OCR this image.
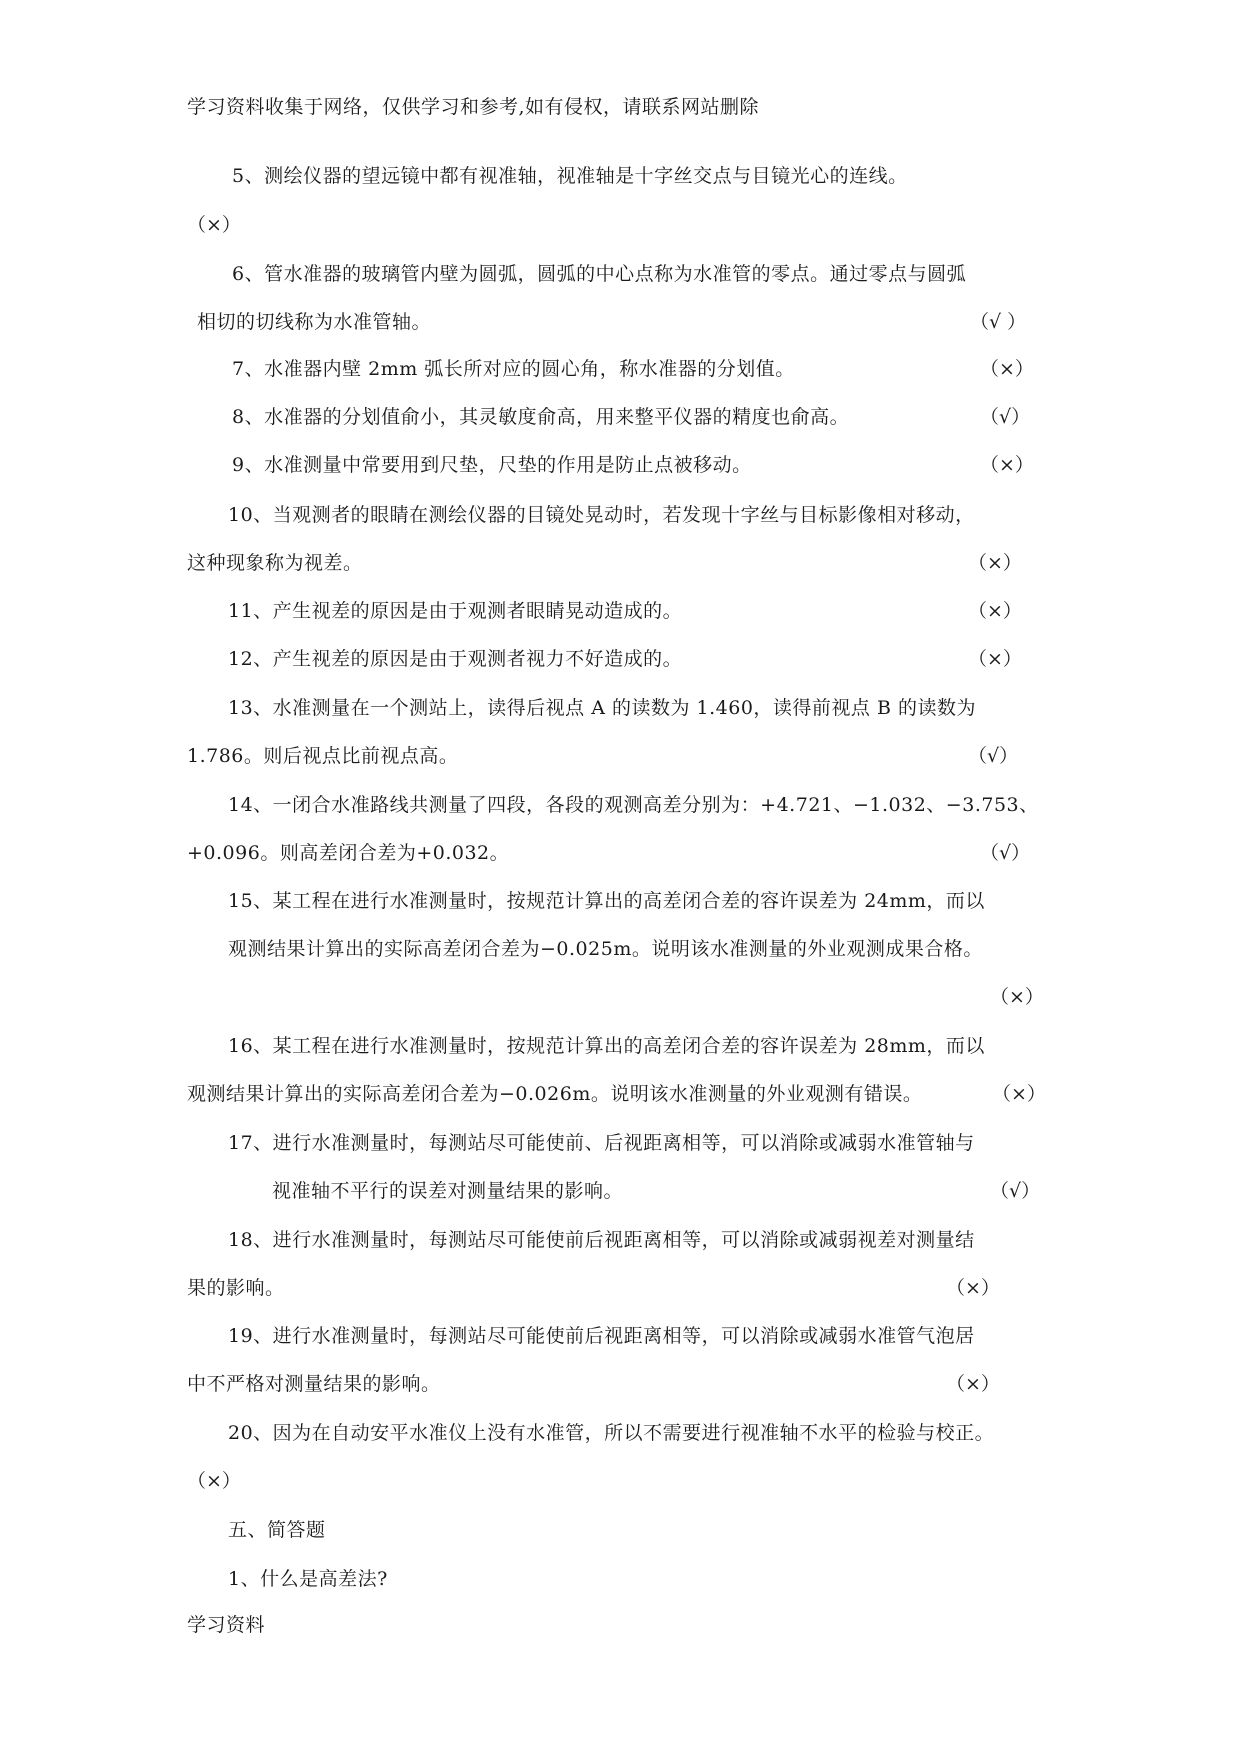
学习资料收集于网络，仅供学习和参考,如有侵权，请联系网站删除
5、测绘仪器的望远镜中都有视准轴，视准轴是十字丝交点与目镜光心的连线。
（×）
6、管水准器的玻璃管内壁为圆弧，圆弧的中心点称为水准管的零点。通过零点与圆弧
相切的切线称为水准管轴。	（√ ）
7、水准器内壁 2mm 弧长所对应的圆心角，称水准器的分划值。	（×）
8、水准器的分划值俞小，其灵敏度俞高，用来整平仪器的精度也俞高。	（√）
9、水准测量中常要用到尺垫，尺垫的作用是防止点被移动。	（×）
10、当观测者的眼睛在测绘仪器的目镜处晃动时，若发现十字丝与目标影像相对移动，
这种现象称为视差。	（×）
11、产生视差的原因是由于观测者眼睛晃动造成的。	（×）
12、产生视差的原因是由于观测者视力不好造成的。	（×）
13、水准测量在一个测站上，读得后视点 A 的读数为 1.460，读得前视点 B 的读数为
1.786。则后视点比前视点高。	（√）
14、一闭合水准路线共测量了四段，各段的观测高差分别为：+4.721、−1.032、−3.753、
+0.096。则高差闭合差为+0.032。	（√）
15、某工程在进行水准测量时，按规范计算出的高差闭合差的容许误差为 24mm，而以
观测结果计算出的实际高差闭合差为−0.025m。说明该水准测量的外业观测成果合格。
（×）
16、某工程在进行水准测量时，按规范计算出的高差闭合差的容许误差为 28mm，而以
观测结果计算出的实际高差闭合差为−0.026m。说明该水准测量的外业观测有错误。	（×）
17、进行水准测量时，每测站尽可能使前、后视距离相等，可以消除或减弱水准管轴与
视准轴不平行的误差对测量结果的影响。	（√）
18、进行水准测量时，每测站尽可能使前后视距离相等，可以消除或减弱视差对测量结
果的影响。	（×）
19、进行水准测量时，每测站尽可能使前后视距离相等，可以消除或减弱水准管气泡居
中不严格对测量结果的影响。	（×）
20、因为在自动安平水准仪上没有水准管，所以不需要进行视准轴不水平的检验与校正。
（×）
五、简答题
1、什么是高差法?
学习资料
